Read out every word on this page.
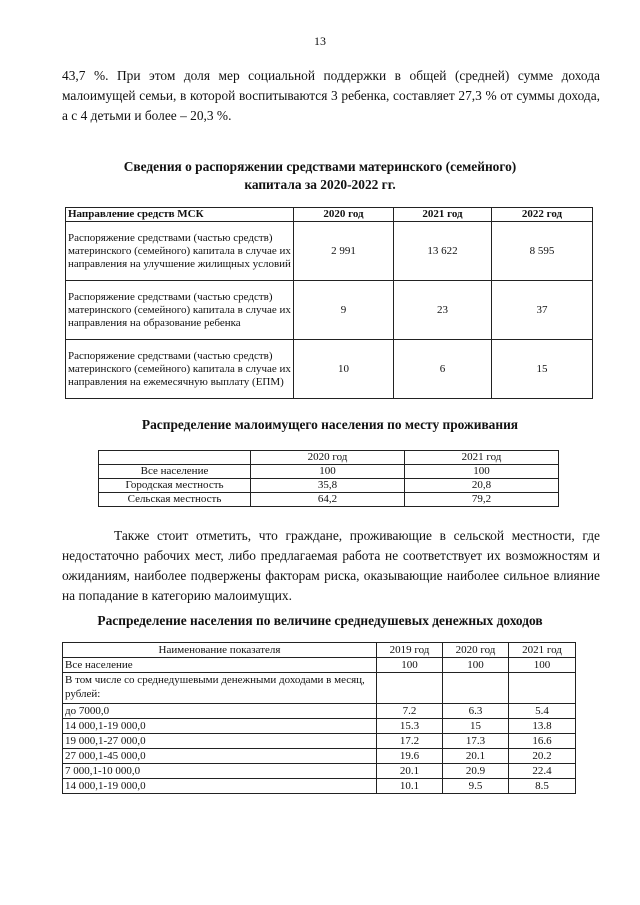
13

43,7 %. При этом доля мер социальной поддержки в общей (средней) сумме дохода малоимущей семьи, в которой воспитываются 3 ребенка, составляет 27,3 % от суммы дохода, а с 4 детьми и более – 20,3 %.

Сведения о распоряжении средствами материнского (семейного)
капитала за 2020-2022 гг.
Направление средств МСК	2020 год	2021 год	2022 год
Распоряжение средствами (частью средств) материнского (семейного) капитала в случае их направления на улучшение жилищных условий	2 991	13 622	8 595
Распоряжение средствами (частью средств) материнского (семейного) капитала в случае их направления на образование ребенка	9	23	37
Распоряжение средствами (частью средств) материнского (семейного) капитала в случае их направления на ежемесячную выплату (ЕПМ)	10	6	15
Распределение малоимущего населения по месту проживания
	2020 год	2021 год
Все население	100	100
Городская местность	35,8	20,8
Сельская местность	64,2	79,2

Также стоит отметить, что граждане, проживающие в сельской местности, где недостаточно рабочих мест, либо предлагаемая работа не соответствует их возможностям и ожиданиям, наиболее подвержены факторам риска, оказывающие наиболее сильное влияние на попадание в категорию малоимущих.

Распределение населения по величине среднедушевых денежных доходов
Наименование показателя	2019 год	2020 год	2021 год
Все население	100	100	100
В том числе со среднедушевыми денежными доходами в месяц, рублей:			
до 7000,0	7.2	6.3	5.4
14 000,1-19 000,0	15.3	15	13.8
19 000,1-27 000,0	17.2	17.3	16.6
27 000,1-45 000,0	19.6	20.1	20.2
7 000,1-10 000,0	20.1	20.9	22.4
14 000,1-19 000,0	10.1	9.5	8.5
